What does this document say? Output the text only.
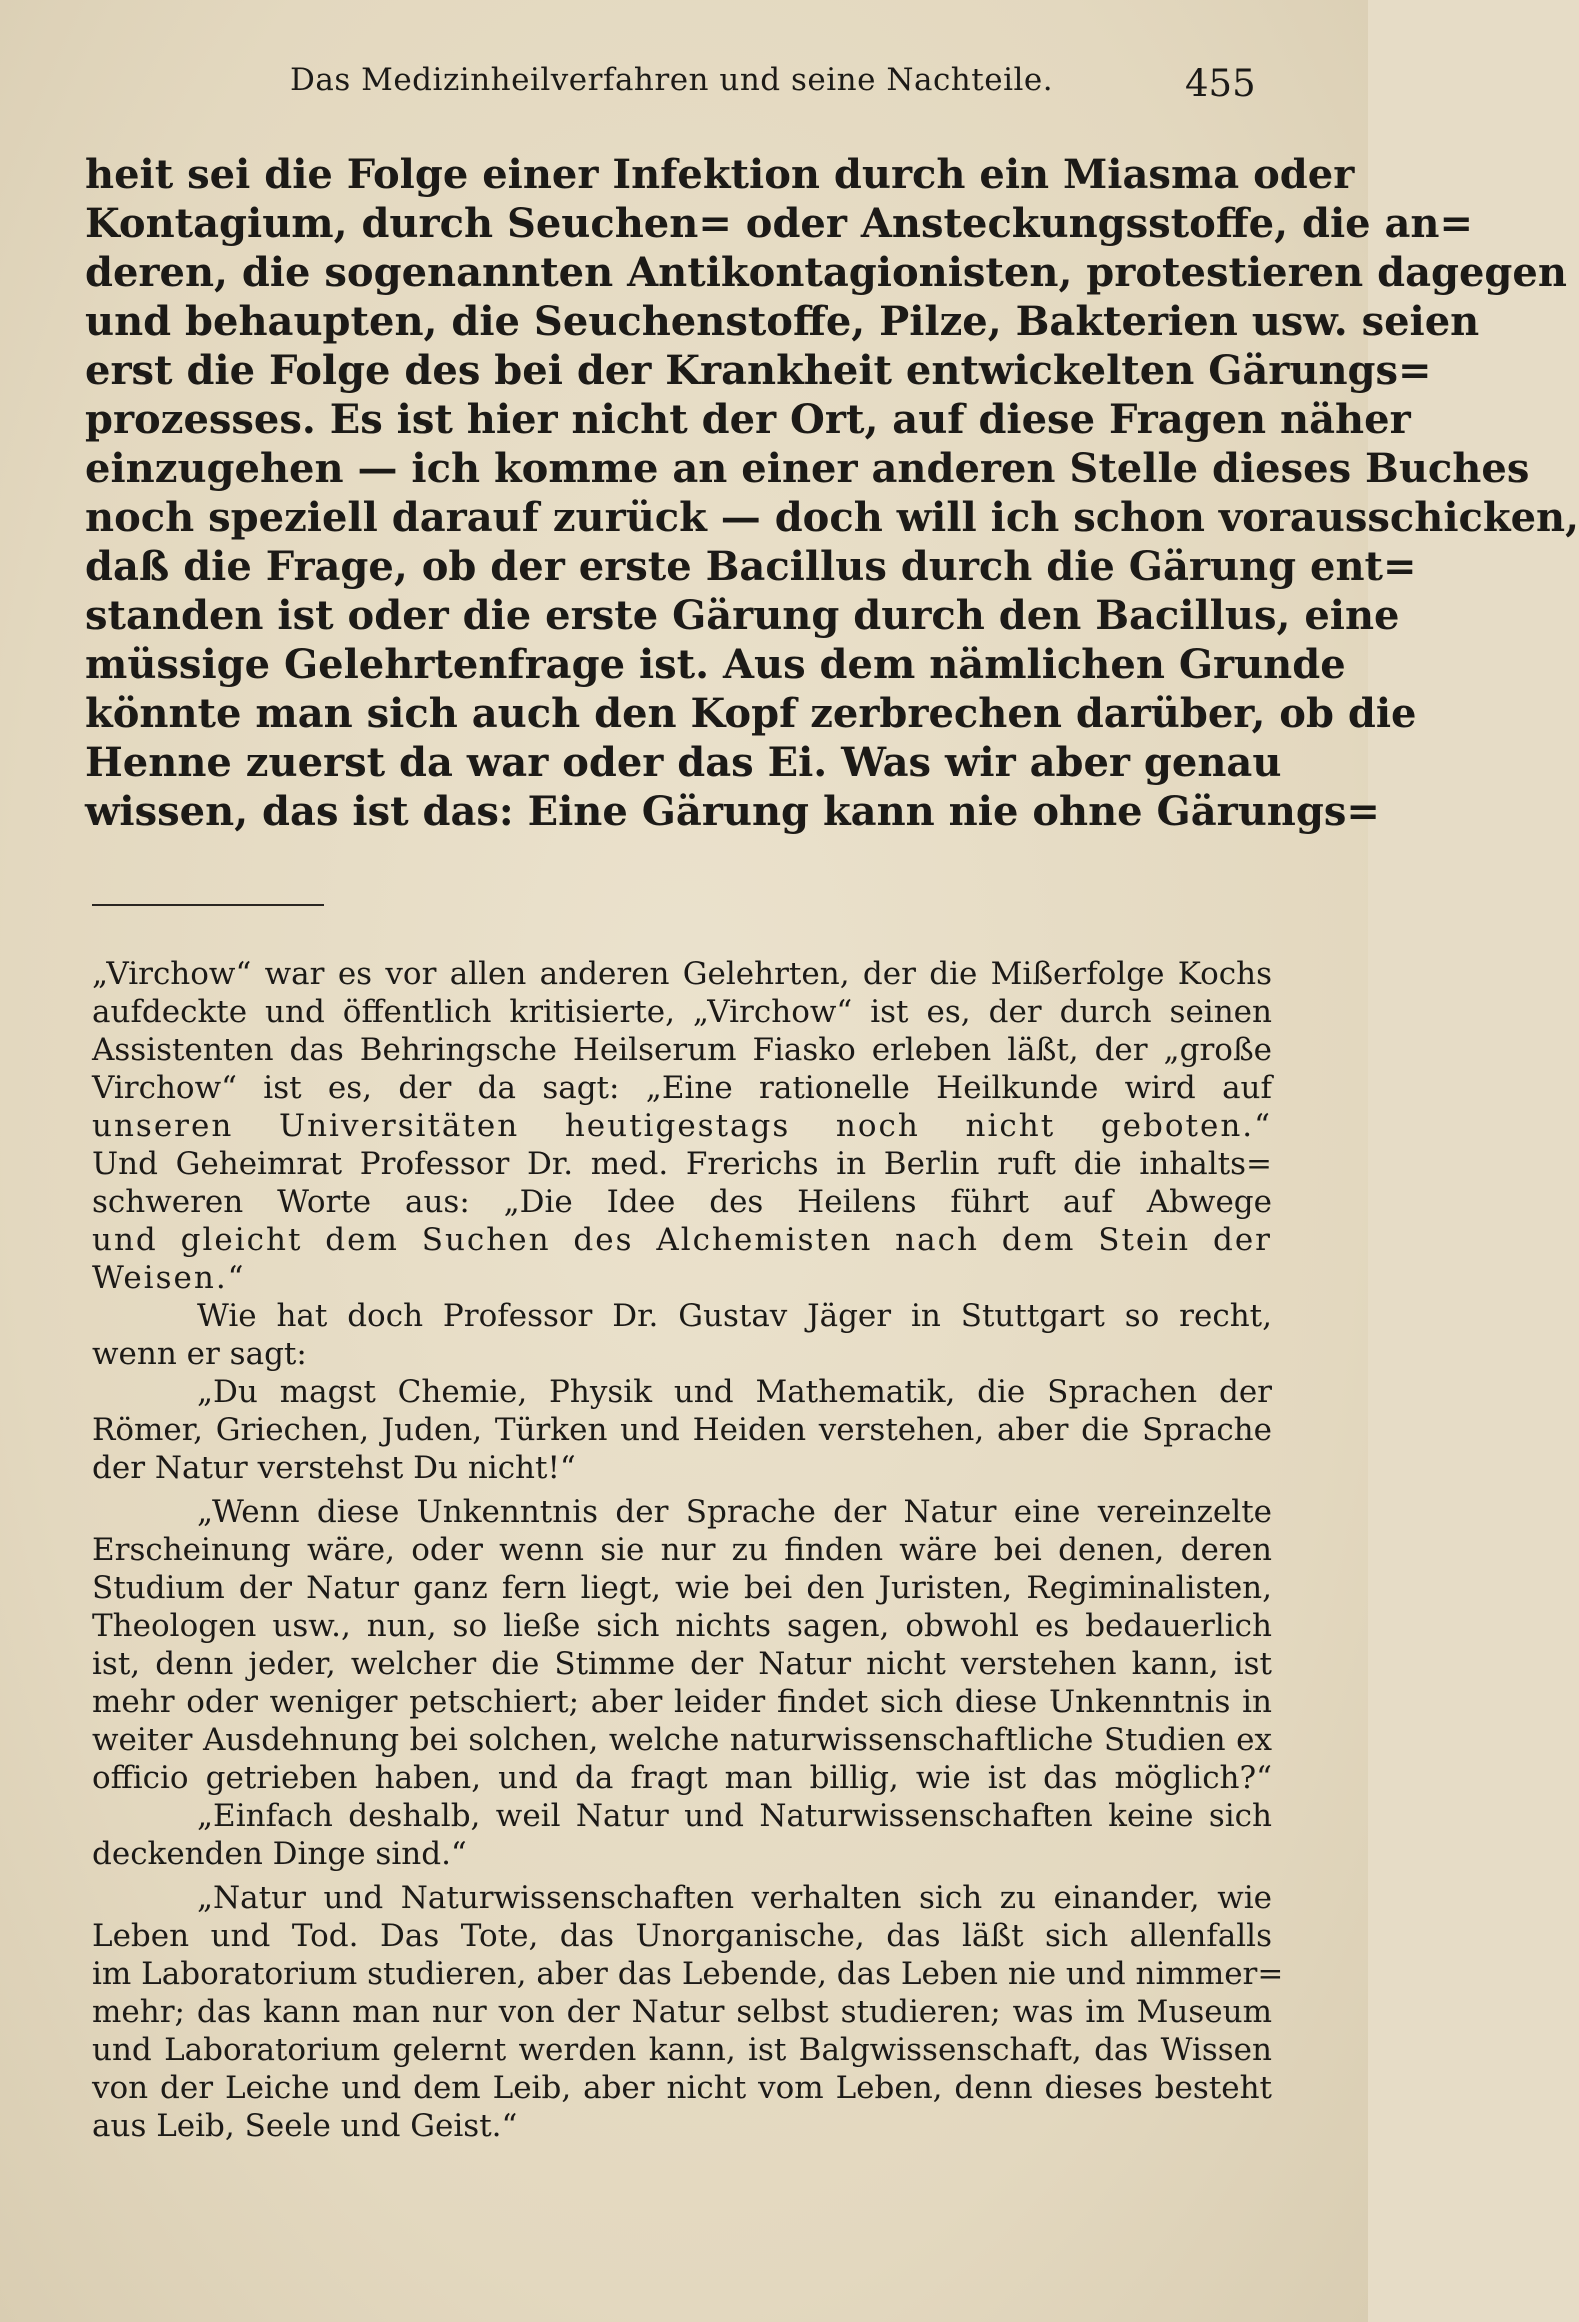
Das Medizinheilverfahren und seine Nachteile.	455
heit sei die Folge einer Infektion durch ein Miasma oder
Kontagium, durch Seuchen= oder Ansteckungsstoffe, die an=
deren, die sogenannten Antikontagionisten, protestieren dagegen
und behaupten, die Seuchenstoffe, Pilze, Bakterien usw. seien
erst die Folge des bei der Krankheit entwickelten Gärungs=
prozesses. Es ist hier nicht der Ort, auf diese Fragen näher
einzugehen — ich komme an einer anderen Stelle dieses Buches
noch speziell darauf zurück — doch will ich schon vorausschicken,
daß die Frage, ob der erste Bacillus durch die Gärung ent=
standen ist oder die erste Gärung durch den Bacillus, eine
müssige Gelehrtenfrage ist. Aus dem nämlichen Grunde
könnte man sich auch den Kopf zerbrechen darüber, ob die
Henne zuerst da war oder das Ei. Was wir aber genau
wissen, das ist das: Eine Gärung kann nie ohne Gärungs=
„Virchow“ war es vor allen anderen Gelehrten, der die Mißerfolge Kochs
aufdeckte und öffentlich kritisierte, „Virchow“ ist es, der durch seinen
Assistenten das Behringsche Heilserum Fiasko erleben läßt, der „große
Virchow“ ist es, der da sagt: „Eine rationelle Heilkunde wird auf
unseren Universitäten heutigestags noch nicht geboten.“
Und Geheimrat Professor Dr. med. Frerichs in Berlin ruft die inhalts=
schweren Worte aus: „Die Idee des Heilens führt auf Abwege
und gleicht dem Suchen des Alchemisten nach dem Stein der
Weisen.“
Wie hat doch Professor Dr. Gustav Jäger in Stuttgart so recht,
wenn er sagt:
„Du magst Chemie, Physik und Mathematik, die Sprachen der
Römer, Griechen, Juden, Türken und Heiden verstehen, aber die Sprache
der Natur verstehst Du nicht!“
„Wenn diese Unkenntnis der Sprache der Natur eine vereinzelte
Erscheinung wäre, oder wenn sie nur zu finden wäre bei denen, deren
Studium der Natur ganz fern liegt, wie bei den Juristen, Regiminalisten,
Theologen usw., nun, so ließe sich nichts sagen, obwohl es bedauerlich
ist, denn jeder, welcher die Stimme der Natur nicht verstehen kann, ist
mehr oder weniger petschiert; aber leider findet sich diese Unkenntnis in
weiter Ausdehnung bei solchen, welche naturwissenschaftliche Studien ex
officio getrieben haben, und da fragt man billig, wie ist das möglich?“
„Einfach deshalb, weil Natur und Naturwissenschaften keine sich
deckenden Dinge sind.“
„Natur und Naturwissenschaften verhalten sich zu einander, wie
Leben und Tod. Das Tote, das Unorganische, das läßt sich allenfalls
im Laboratorium studieren, aber das Lebende, das Leben nie und nimmer=
mehr; das kann man nur von der Natur selbst studieren; was im Museum
und Laboratorium gelernt werden kann, ist Balgwissenschaft, das Wissen
von der Leiche und dem Leib, aber nicht vom Leben, denn dieses besteht
aus Leib, Seele und Geist.“
